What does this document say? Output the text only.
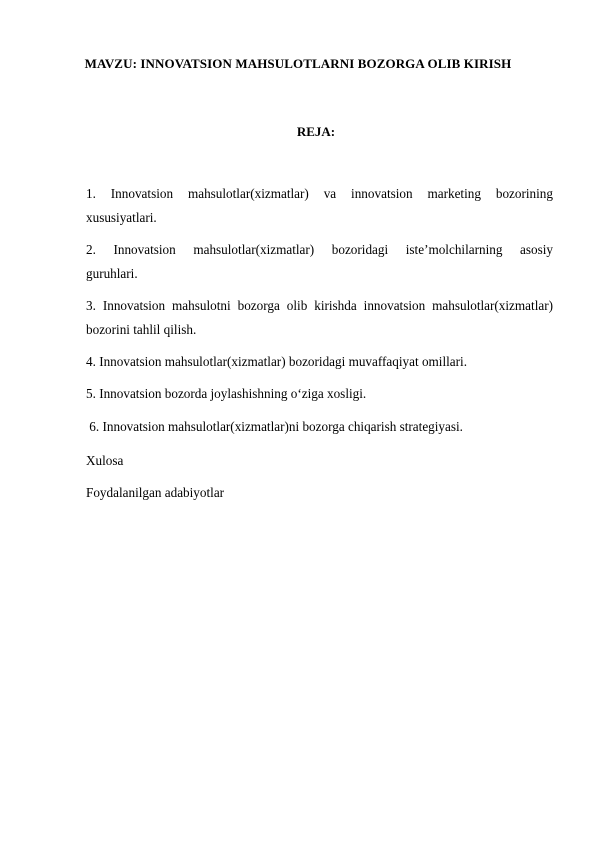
MAVZU: INNOVATSION MAHSULOTLARNI BOZORGA OLIB KIRISH
REJA:
1. Innovatsion mahsulotlar(xizmatlar) va innovatsion marketing bozorining
xususiyatlari.
2. Innovatsion mahsulotlar(xizmatlar) bozoridagi iste’molchilarning asosiy
guruhlari.
3. Innovatsion mahsulotni bozorga olib kirishda innovatsion mahsulotlar(xizmatlar)
bozorini tahlil qilish.
4. Innovatsion mahsulotlar(xizmatlar) bozoridagi muvaffaqiyat omillari.
5. Innovatsion bozorda joylashishning o‘ziga xosligi.
6. Innovatsion mahsulotlar(xizmatlar)ni bozorga chiqarish strategiyasi.
Xulosa
Foydalanilgan adabiyotlar
